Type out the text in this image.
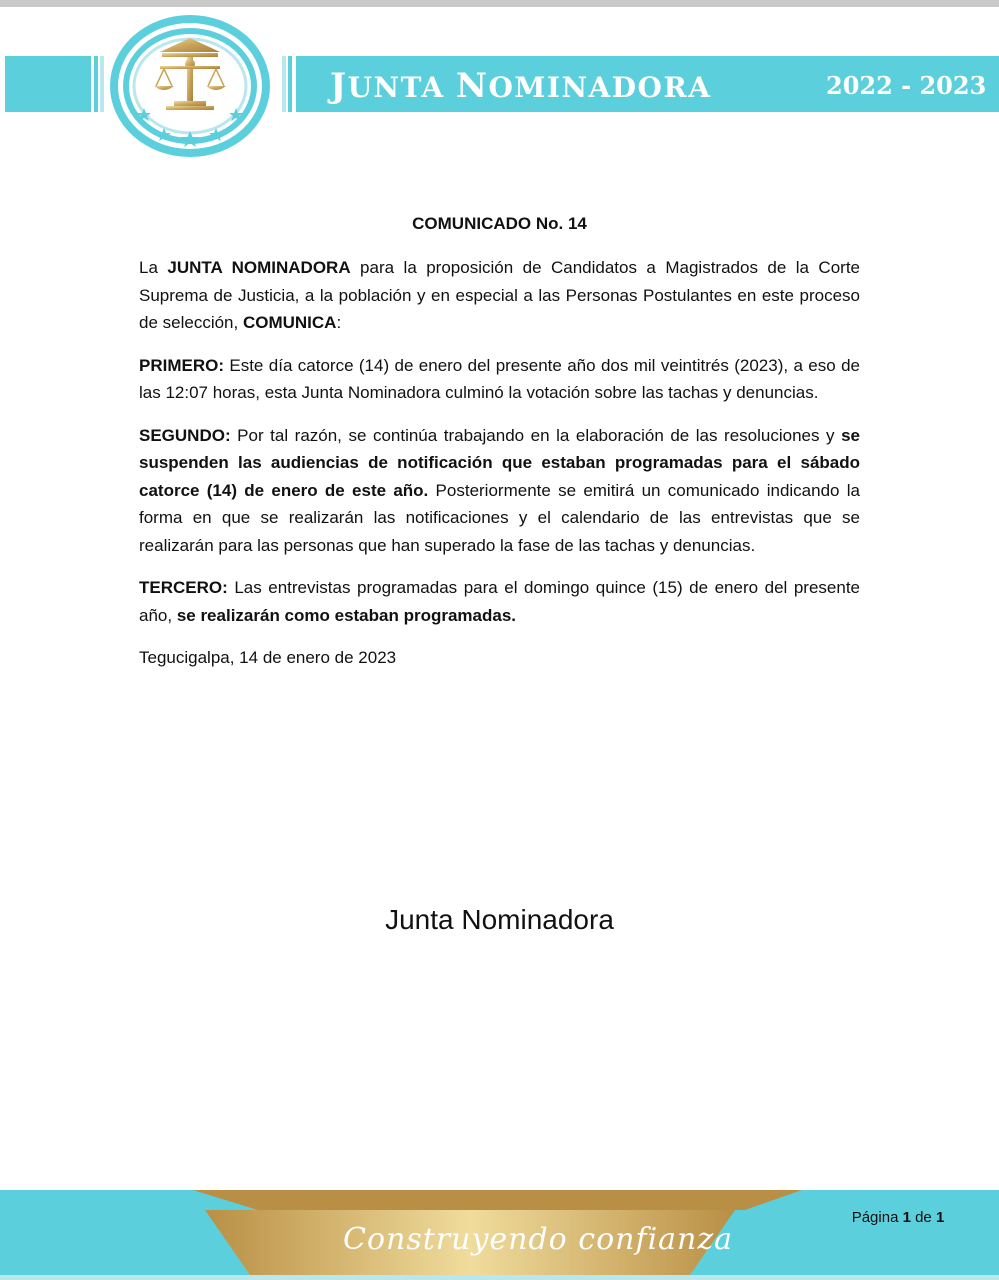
JUNTA NOMINADORA	2022 - 2023
COMUNICADO No. 14

La JUNTA NOMINADORA para la proposición de Candidatos a Magistrados de la Corte Suprema de Justicia, a la población y en especial a las Personas Postulantes en este proceso de selección, COMUNICA:

PRIMERO: Este día catorce (14) de enero del presente año dos mil veintitrés (2023), a eso de las 12:07 horas, esta Junta Nominadora culminó la votación sobre las tachas y denuncias.

SEGUNDO: Por tal razón, se continúa trabajando en la elaboración de las resoluciones y se suspenden las audiencias de notificación que estaban programadas para el sábado catorce (14) de enero de este año. Posteriormente se emitirá un comunicado indicando la forma en que se realizarán las notificaciones y el calendario de las entrevistas que se realizarán para las personas que han superado la fase de las tachas y denuncias.

TERCERO: Las entrevistas programadas para el domingo quince (15) de enero del presente año, se realizarán como estaban programadas.

Tegucigalpa, 14 de enero de 2023

Junta Nominadora
Construyendo confianza
Página 1 de 1
